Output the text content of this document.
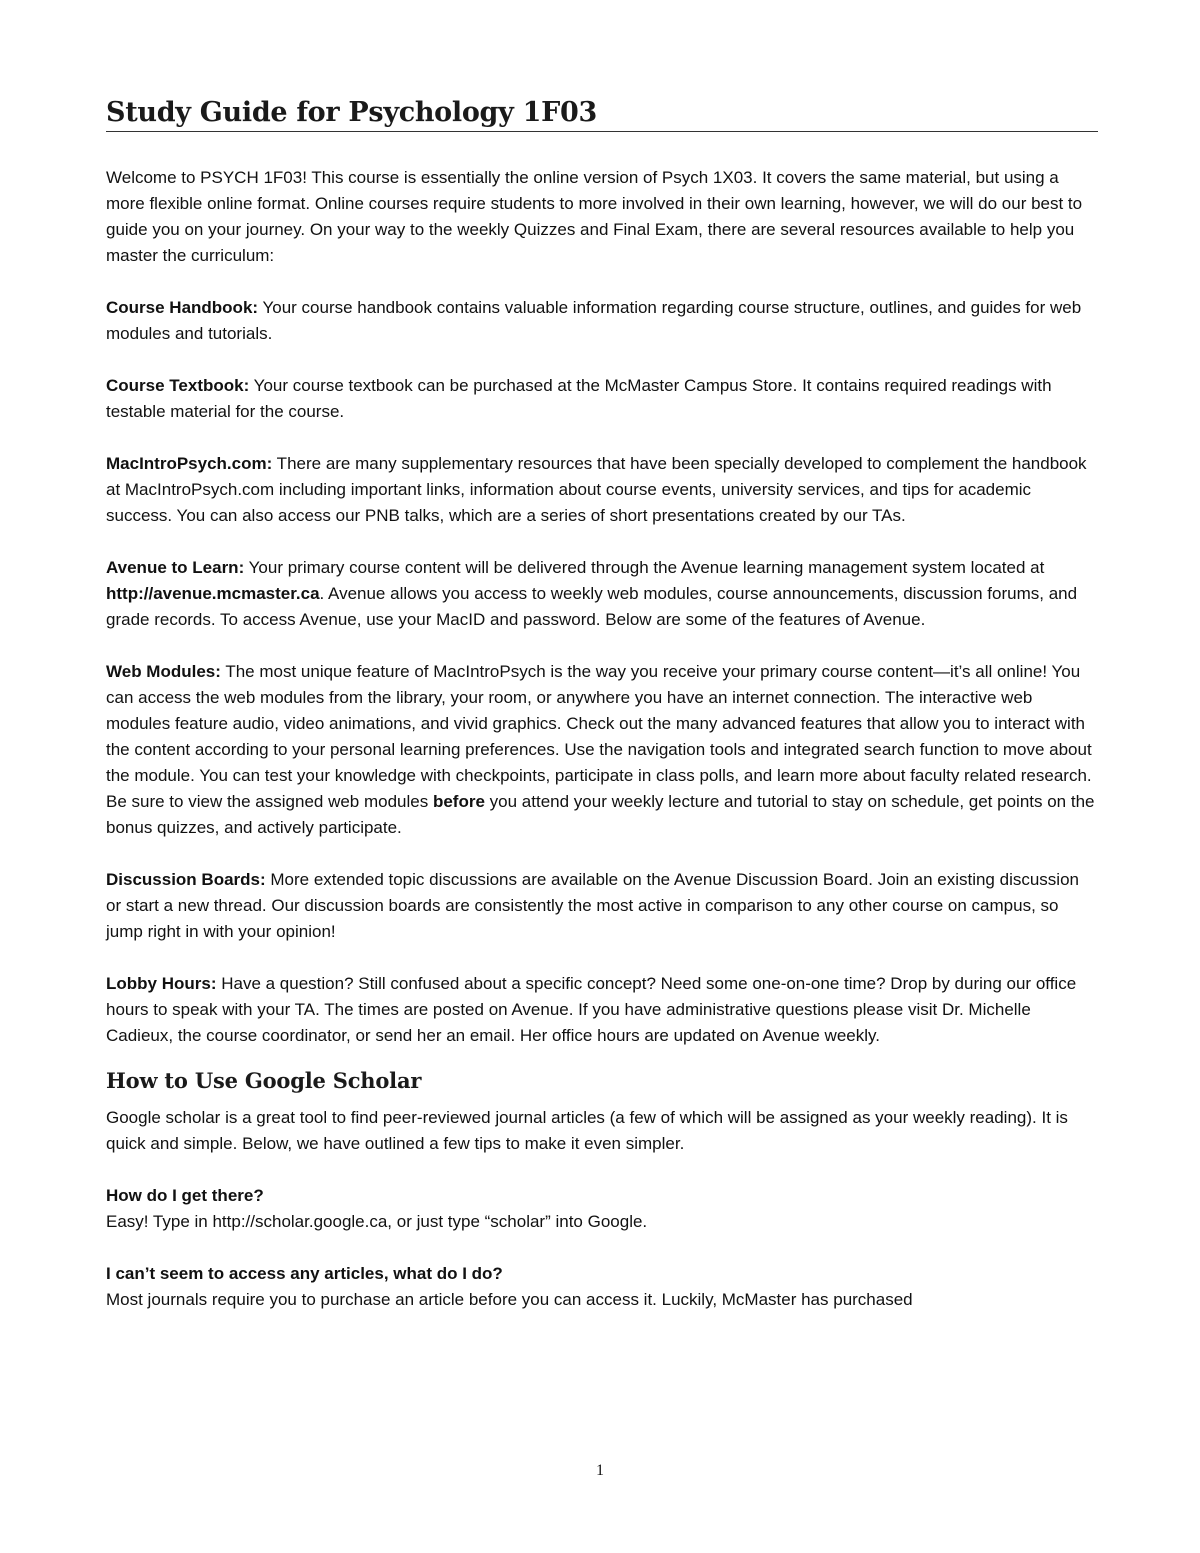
Study Guide for Psychology 1F03

Welcome to PSYCH 1F03! This course is essentially the online version of Psych 1X03. It covers the same material, but using a more flexible online format. Online courses require students to more involved in their own learning, however, we will do our best to guide you on your journey. On your way to the weekly Quizzes and Final Exam, there are several resources available to help you master the curriculum:

Course Handbook: Your course handbook contains valuable information regarding course structure, outlines, and guides for web modules and tutorials.

Course Textbook: Your course textbook can be purchased at the McMaster Campus Store. It contains required readings with testable material for the course.

MacIntroPsych.com: There are many supplementary resources that have been specially developed to complement the handbook at MacIntroPsych.com including important links, information about course events, university services, and tips for academic success. You can also access our PNB talks, which are a series of short presentations created by our TAs.

Avenue to Learn: Your primary course content will be delivered through the Avenue learning management system located at http://avenue.mcmaster.ca. Avenue allows you access to weekly web modules, course announcements, discussion forums, and grade records. To access Avenue, use your MacID and password. Below are some of the features of Avenue.

Web Modules: The most unique feature of MacIntroPsych is the way you receive your primary course content—it’s all online! You can access the web modules from the library, your room, or anywhere you have an internet connection. The interactive web modules feature audio, video animations, and vivid graphics. Check out the many advanced features that allow you to interact with the content according to your personal learning preferences. Use the navigation tools and integrated search function to move about the module. You can test your knowledge with checkpoints, participate in class polls, and learn more about faculty related research. Be sure to view the assigned web modules before you attend your weekly lecture and tutorial to stay on schedule, get points on the bonus quizzes, and actively participate.

Discussion Boards: More extended topic discussions are available on the Avenue Discussion Board. Join an existing discussion or start a new thread. Our discussion boards are consistently the most active in comparison to any other course on campus, so jump right in with your opinion!

Lobby Hours: Have a question? Still confused about a specific concept? Need some one-on-one time? Drop by during our office hours to speak with your TA. The times are posted on Avenue. If you have administrative questions please visit Dr. Michelle Cadieux, the course coordinator, or send her an email. Her office hours are updated on Avenue weekly.

How to Use Google Scholar

Google scholar is a great tool to find peer-reviewed journal articles (a few of which will be assigned as your weekly reading). It is quick and simple. Below, we have outlined a few tips to make it even simpler.

How do I get there?

Easy! Type in http://scholar.google.ca, or just type “scholar” into Google.

I can’t seem to access any articles, what do I do?

Most journals require you to purchase an article before you can access it. Luckily, McMaster has purchased

1
